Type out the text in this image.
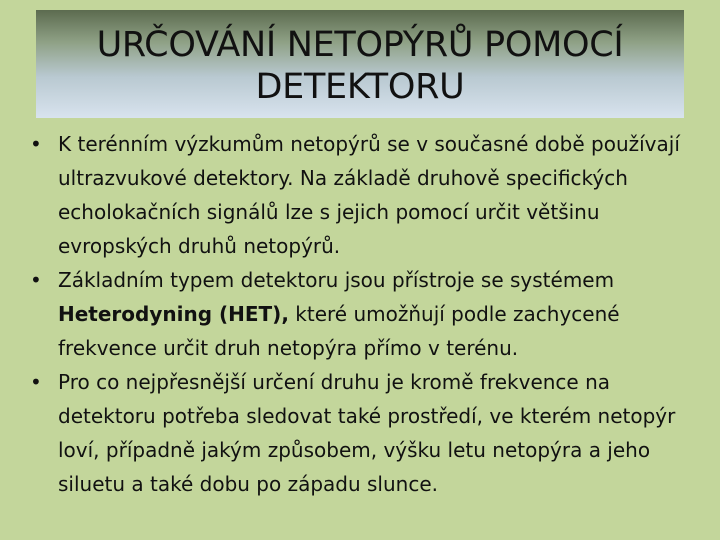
URČOVÁNÍ NETOPÝRŮ POMOCÍ
DETEKTORU
• K terénním výzkumům netopýrů se v současné době používají ultrazvukové detektory. Na základě druhově specifických echolokačních signálů lze s jejich pomocí určit většinu evropských druhů netopýrů.
• Základním typem detektoru jsou přístroje se systémem Heterodyning (HET), které umožňují podle zachycené frekvence určit druh netopýra přímo v terénu.
• Pro co nejpřesnější určení druhu je kromě frekvence na detektoru potřeba sledovat také prostředí, ve kterém netopýr loví, případně jakým způsobem, výšku letu netopýra a jeho siluetu a také dobu po západu slunce.
